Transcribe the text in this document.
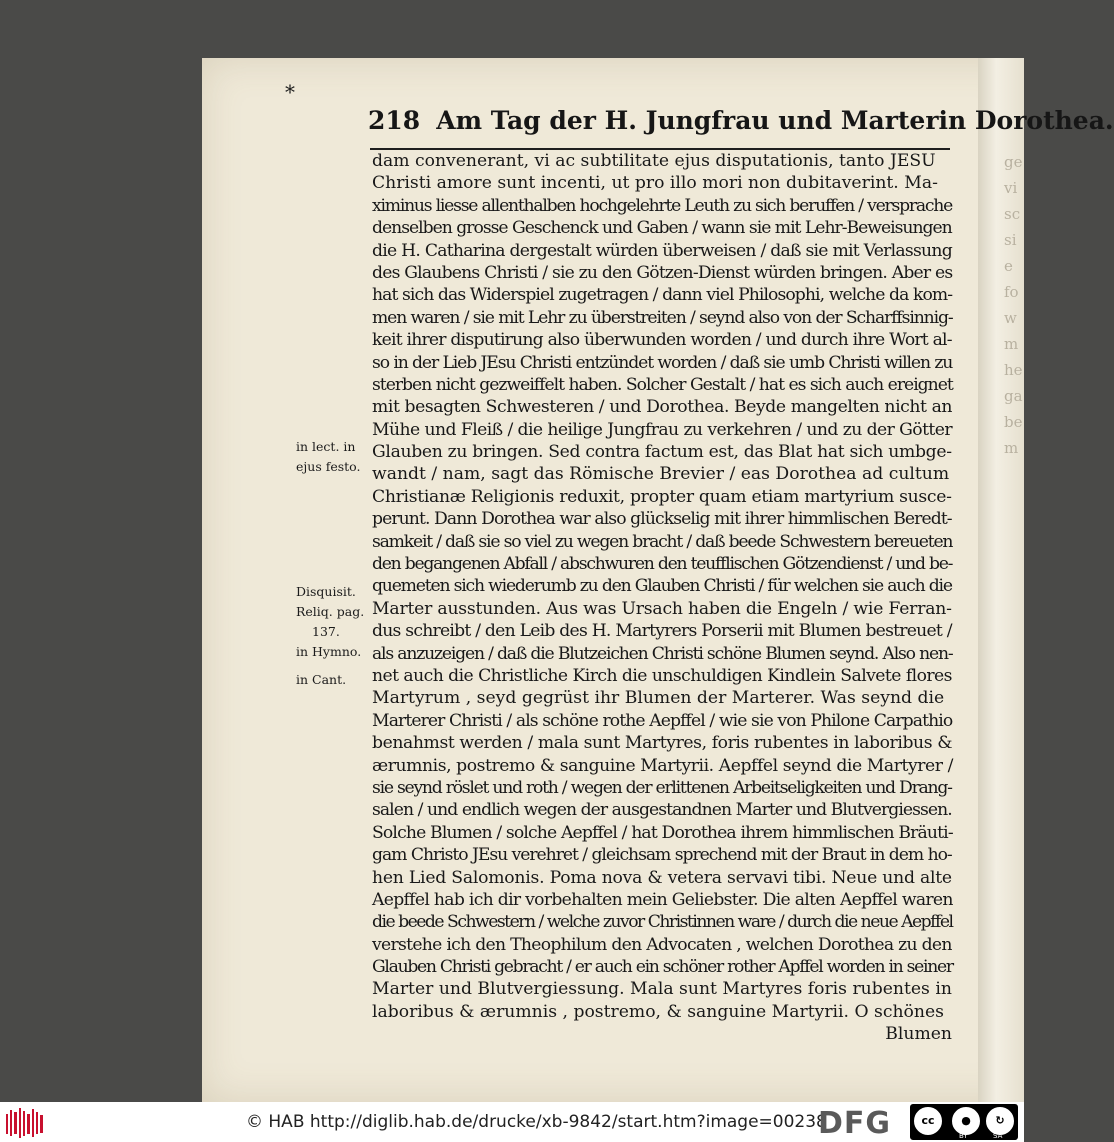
ge
vi
sc
si
e
fo
w
m
he
ga
be
m
*
218 Am Tag der H. Jungfrau und Marterin Dorothea.
dam convenerant, vi ac subtilitate ejus disputationis, tanto JESU
Christi amore sunt incenti, ut pro illo mori non dubitaverint. Ma-
ximinus liesse allenthalben hochgelehrte Leuth zu sich beruffen / versprache
denselben grosse Geschenck und Gaben / wann sie mit Lehr-Beweisungen
die H. Catharina dergestalt würden überweisen / daß sie mit Verlassung
des Glaubens Christi / sie zu den Götzen-Dienst würden bringen. Aber es
hat sich das Widerspiel zugetragen / dann viel Philosophi, welche da kom-
men waren / sie mit Lehr zu überstreiten / seynd also von der Scharffsinnig-
keit ihrer disputirung also überwunden worden / und durch ihre Wort al-
so in der Lieb JEsu Christi entzündet worden / daß sie umb Christi willen zu
sterben nicht gezweiffelt haben. Solcher Gestalt / hat es sich auch ereignet
mit besagten Schwesteren / und Dorothea. Beyde mangelten nicht an
Mühe und Fleiß / die heilige Jungfrau zu verkehren / und zu der Götter
Glauben zu bringen. Sed contra factum est, das Blat hat sich umbge-
wandt / nam, sagt das Römische Brevier / eas Dorothea ad cultum
Christianæ Religionis reduxit, propter quam etiam martyrium susce-
perunt. Dann Dorothea war also glückselig mit ihrer himmlischen Beredt-
samkeit / daß sie so viel zu wegen bracht / daß beede Schwestern bereueten
den begangenen Abfall / abschwuren den teufflischen Götzendienst / und be-
quemeten sich wiederumb zu den Glauben Christi / für welchen sie auch die
Marter ausstunden. Aus was Ursach haben die Engeln / wie Ferran-
dus schreibt / den Leib des H. Martyrers Porserii mit Blumen bestreuet /
als anzuzeigen / daß die Blutzeichen Christi schöne Blumen seynd. Also nen-
net auch die Christliche Kirch die unschuldigen Kindlein Salvete flores
Martyrum , seyd gegrüst ihr Blumen der Marterer. Was seynd die
Marterer Christi / als schöne rothe Aepffel / wie sie von Philone Carpathio
benahmst werden / mala sunt Martyres, foris rubentes in laboribus &
ærumnis, postremo & sanguine Martyrii. Aepffel seynd die Martyrer /
sie seynd röslet und roth / wegen der erlittenen Arbeitseligkeiten und Drang-
salen / und endlich wegen der ausgestandnen Marter und Blutvergiessen.
Solche Blumen / solche Aepffel / hat Dorothea ihrem himmlischen Bräuti-
gam Christo JEsu verehret / gleichsam sprechend mit der Braut in dem ho-
hen Lied Salomonis. Poma nova & vetera servavi tibi. Neue und alte
Aepffel hab ich dir vorbehalten mein Geliebster. Die alten Aepffel waren
die beede Schwestern / welche zuvor Christinnen ware / durch die neue Aepffel
verstehe ich den Theophilum den Advocaten , welchen Dorothea zu den
Glauben Christi gebracht / er auch ein schöner rother Apffel worden in seiner
Marter und Blutvergiessung. Mala sunt Martyres foris rubentes in
laboribus & ærumnis , postremo, & sanguine Martyrii. O schönes
Blumen
in lect. in
ejus festo.
Disquisit.
Reliq. pag.
137.
in Hymno.
in Cant.
© HAB http://diglib.hab.de/drucke/xb-9842/start.htm?image=00238
DFG	cc	●	↻
BY	SA
